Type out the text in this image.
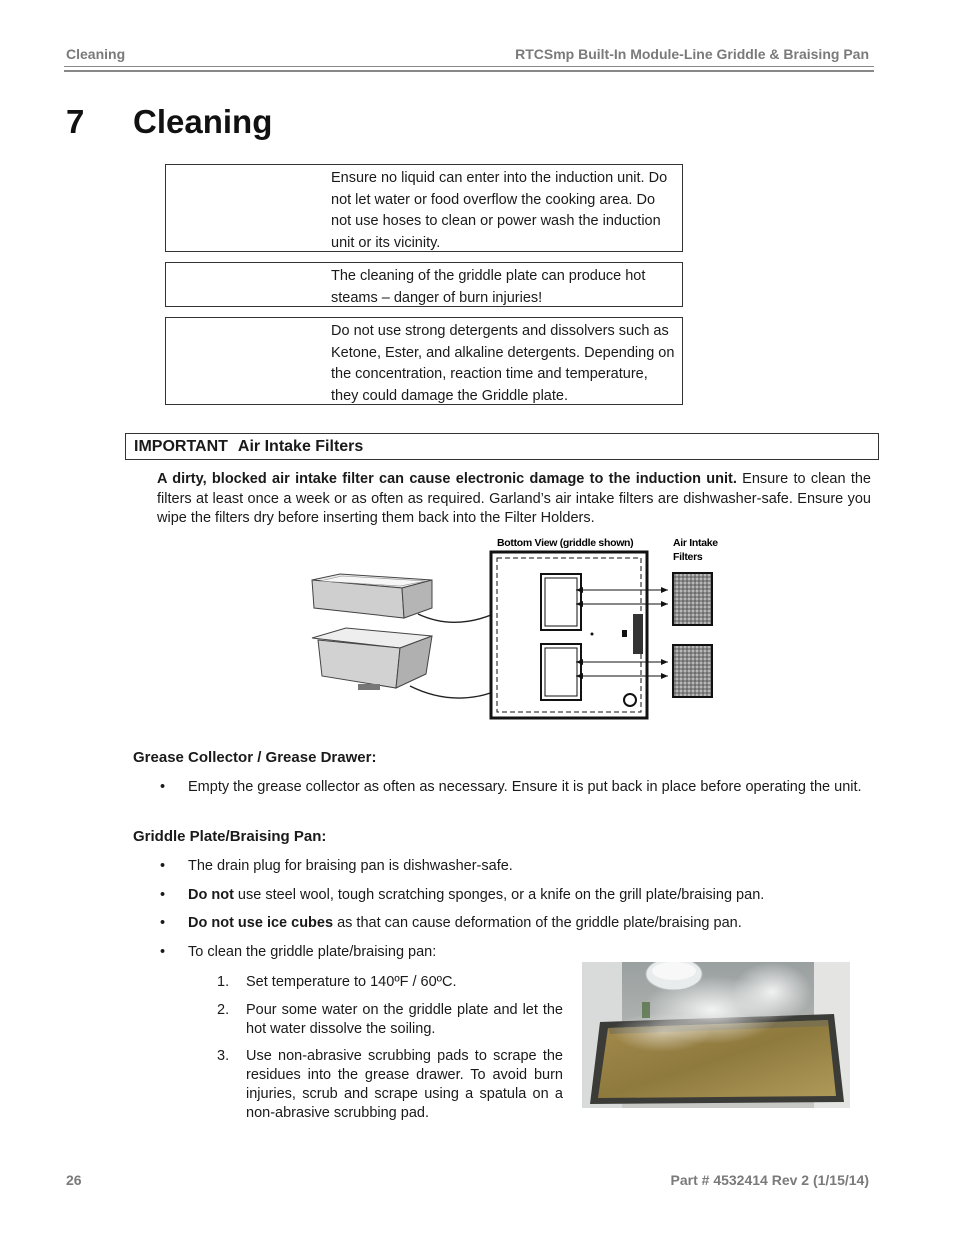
Cleaning	RTCSmp Built-In Module-Line Griddle & Braising Pan
7 Cleaning
Ensure no liquid can enter into the induction unit. Do not let water or food overflow the cooking area. Do not use hoses to clean or power wash the induction unit or its vicinity.
The cleaning of the griddle plate can produce hot steams – danger of burn injuries!
Do not use strong detergents and dissolvers such as Ketone, Ester, and alkaline detergents. Depending on the concentration, reaction time and temperature, they could damage the Griddle plate.
IMPORTANT Air Intake Filters
A dirty, blocked air intake filter can cause electronic damage to the induction unit. Ensure to clean the filters at least once a week or as often as required. Garland’s air intake filters are dishwasher-safe. Ensure you wipe the filters dry before inserting them back into the Filter Holders.
Bottom View (griddle shown)	Air Intake
Filters
Grease Collector / Grease Drawer:
• Empty the grease collector as often as necessary. Ensure it is put back in place before operating the unit.
Griddle Plate/Braising Pan:
• The drain plug for braising pan is dishwasher-safe.
• Do not use steel wool, tough scratching sponges, or a knife on the grill plate/braising pan.
• Do not use ice cubes as that can cause deformation of the griddle plate/braising pan.
• To clean the griddle plate/braising pan:
1. Set temperature to 140ºF / 60ºC.
2. Pour some water on the griddle plate and let the hot water dissolve the soiling.
3. Use non-abrasive scrubbing pads to scrape the residues into the grease drawer. To avoid burn injuries, scrub and scrape using a spatula on a non-abrasive scrubbing pad.
26	Part # 4532414 Rev 2 (1/15/14)
